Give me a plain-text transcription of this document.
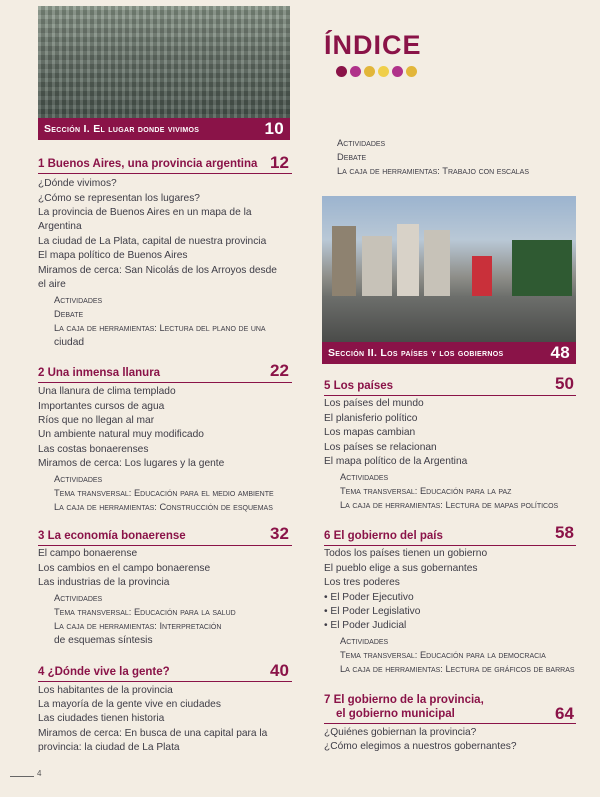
Sección I. El lugar donde vivimos	10
ÍNDICE
Actividades
Debate
La caja de herramientas: Trabajo con escalas
Sección II. Los países y los gobiernos	48
1 Buenos Aires, una provincia argentina 12
¿Dónde vivimos?
¿Cómo se representan los lugares?
La provincia de Buenos Aires en un mapa de la
Argentina
La ciudad de La Plata, capital de nuestra provincia
El mapa político de Buenos Aires
Miramos de cerca: San Nicolás de los Arroyos desde
el aire
Actividades
Debate
La caja de herramientas: Lectura del plano de una
ciudad
2 Una inmensa llanura	22
Una llanura de clima templado
Importantes cursos de agua
Ríos que no llegan al mar
Un ambiente natural muy modificado
Las costas bonaerenses
Miramos de cerca: Los lugares y la gente
Actividades
Tema transversal: Educación para el medio ambiente
La caja de herramientas: Construcción de esquemas
3 La economía bonaerense	32
El campo bonaerense
Los cambios en el campo bonaerense
Las industrias de la provincia
Actividades
Tema transversal: Educación para la salud
La caja de herramientas: Interpretación
de esquemas síntesis
4 ¿Dónde vive la gente?	40
Los habitantes de la provincia
La mayoría de la gente vive en ciudades
Las ciudades tienen historia
Miramos de cerca: En busca de una capital para la
provincia: la ciudad de La Plata
5 Los países	50
Los países del mundo
El planisferio político
Los mapas cambian
Los países se relacionan
El mapa político de la Argentina
Actividades
Tema transversal: Educación para la paz
La caja de herramientas: Lectura de mapas políticos
6 El gobierno del país	58
Todos los países tienen un gobierno
El pueblo elige a sus gobernantes
Los tres poderes
• El Poder Ejecutivo
• El Poder Legislativo
• El Poder Judicial
Actividades
Tema transversal: Educación para la democracia
La caja de herramientas: Lectura de gráficos de barras
7 El gobierno de la provincia,
el gobierno municipal	64
¿Quiénes gobiernan la provincia?
¿Cómo elegimos a nuestros gobernantes?
4
